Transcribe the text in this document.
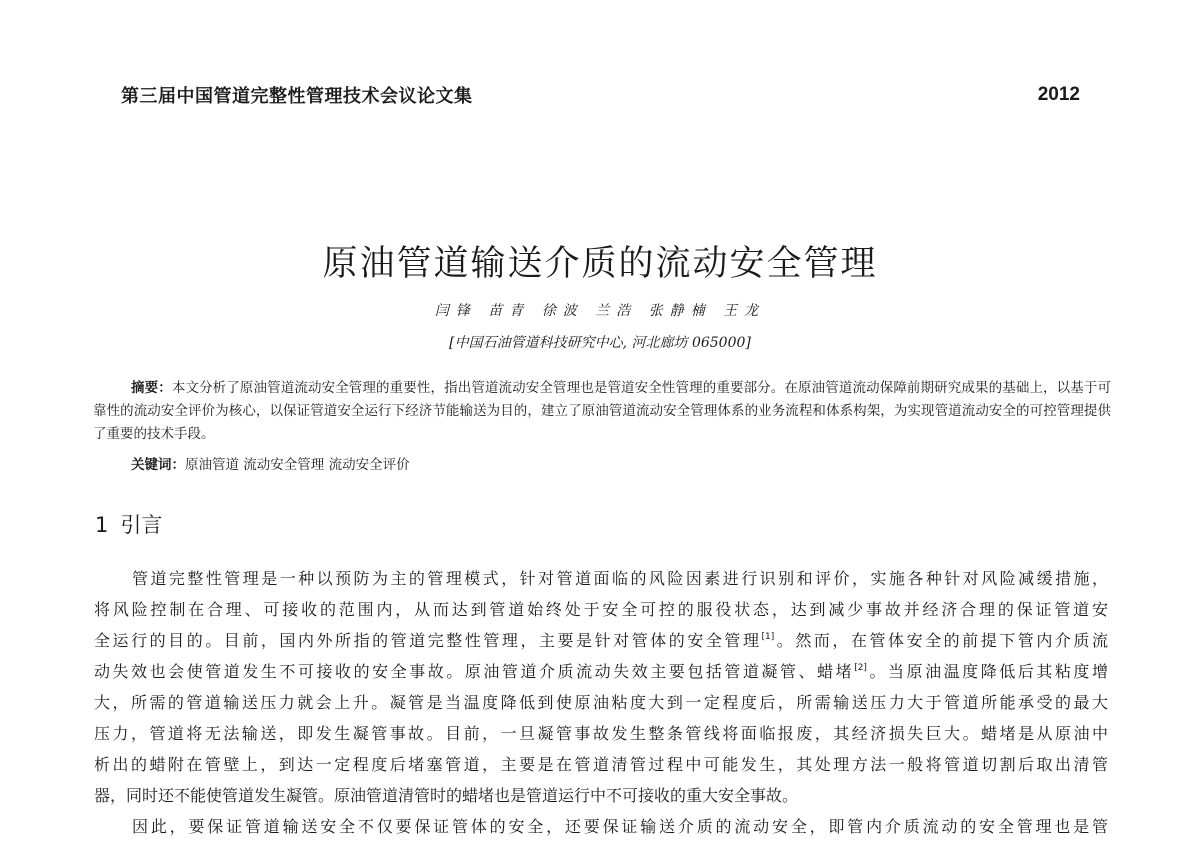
第三届中国管道完整性管理技术会议论文集	2012
原油管道输送介质的流动安全管理
闫锋 苗青 徐波 兰浩 张静楠 王龙
[中国石油管道科技研究中心, 河北廊坊 065000]
摘要：本文分析了原油管道流动安全管理的重要性，指出管道流动安全管理也是管道安全性管理的重要部分。在原油管道流动保障前期研究成果的基础上，以基于可靠性的流动安全评价为核心，以保证管道安全运行下经济节能输送为目的，建立了原油管道流动安全管理体系的业务流程和体系构架，为实现管道流动安全的可控管理提供了重要的技术手段。
关键词：原油管道 流动安全管理 流动安全评价
1 引言
管道完整性管理是一种以预防为主的管理模式，针对管道面临的风险因素进行识别和评价，实施各种针对风险减缓措施，
将风险控制在合理、可接收的范围内，从而达到管道始终处于安全可控的服役状态，达到减少事故并经济合理的保证管道安
全运行的目的。目前，国内外所指的管道完整性管理，主要是针对管体的安全管理[1]。然而，在管体安全的前提下管内介质流
动失效也会使管道发生不可接收的安全事故。原油管道介质流动失效主要包括管道凝管、蜡堵[2]。当原油温度降低后其粘度增
大，所需的管道输送压力就会上升。凝管是当温度降低到使原油粘度大到一定程度后，所需输送压力大于管道所能承受的最大
压力，管道将无法输送，即发生凝管事故。目前，一旦凝管事故发生整条管线将面临报废，其经济损失巨大。蜡堵是从原油中
析出的蜡附在管壁上，到达一定程度后堵塞管道，主要是在管道清管过程中可能发生，其处理方法一般将管道切割后取出清管
器，同时还不能使管道发生凝管。原油管道清管时的蜡堵也是管道运行中不可接收的重大安全事故。
因此，要保证管道输送安全不仅要保证管体的安全，还要保证输送介质的流动安全，即管内介质流动的安全管理也是管
